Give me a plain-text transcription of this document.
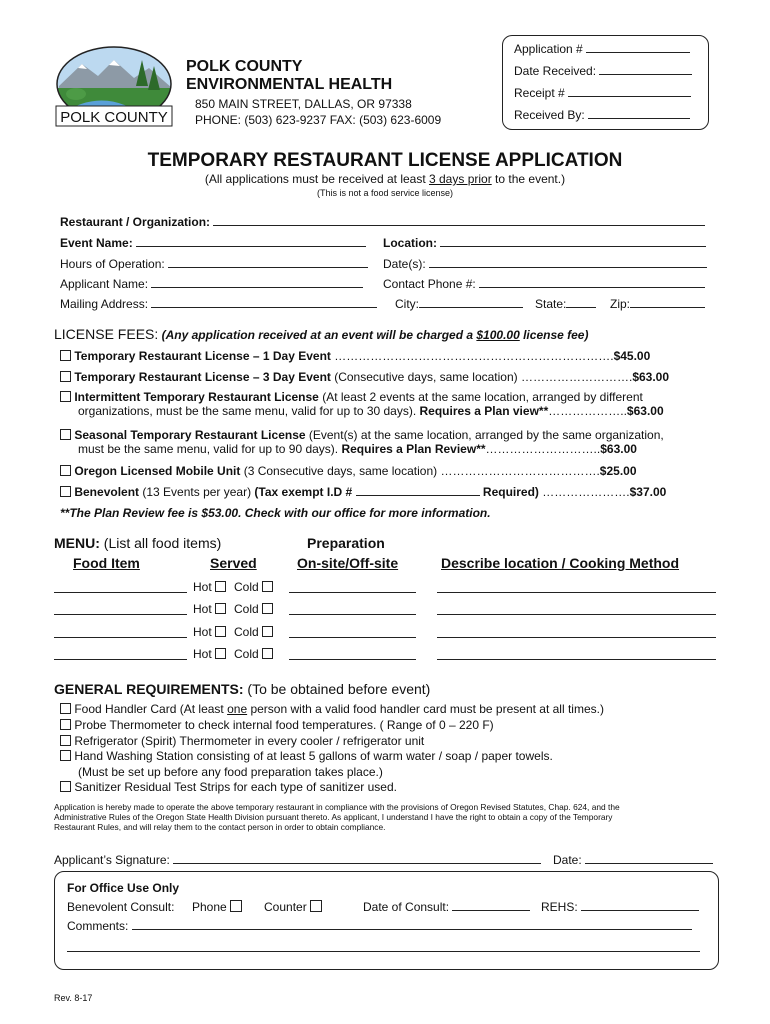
POLK COUNTY
POLK COUNTY
ENVIRONMENTAL HEALTH
850 MAIN STREET, DALLAS, OR 97338
PHONE: (503) 623-9237 FAX: (503) 623-6009
Application #
Date Received:
Receipt #
Received By:
TEMPORARY RESTAURANT LICENSE APPLICATION
(All applications must be received at least 3 days prior to the event.)
(This is not a food service license)
Restaurant / Organization:
Event Name:	Location:
Hours of Operation:	Date(s):
Applicant Name:	Contact Phone #:
Mailing Address:	City:	State:	Zip:
LICENSE FEES: (Any application received at an event will be charged a $100.00 license fee)
Temporary Restaurant License – 1 Day Event …………………………………………………………….$45.00
Temporary Restaurant License – 3 Day Event (Consecutive days, same location) ……………………….$63.00
Intermittent Temporary Restaurant License (At least 2 events at the same location, arranged by different
organizations, must be the same menu, valid for up to 30 days). Requires a Plan view**………………..$63.00
Seasonal Temporary Restaurant License (Event(s) at the same location, arranged by the same organization,
must be the same menu, valid for up to 90 days). Requires a Plan Review**………………………..$63.00
Oregon Licensed Mobile Unit (3 Consecutive days, same location) ………………………………….$25.00
Benevolent (13 Events per year) (Tax exempt I.D #	Required) ………………….$37.00
**The Plan Review fee is $53.00. Check with our office for more information.
MENU: (List all food items)	Preparation
Food Item	Served	On-site/Off-site	Describe location / Cooking Method
Hot	Cold
Hot	Cold
Hot	Cold
Hot	Cold
GENERAL REQUIREMENTS: (To be obtained before event)
Food Handler Card (At least one person with a valid food handler card must be present at all times.)
Probe Thermometer to check internal food temperatures. ( Range of 0 – 220 F)
Refrigerator (Spirit) Thermometer in every cooler / refrigerator unit
Hand Washing Station consisting of at least 5 gallons of warm water / soap / paper towels.
(Must be set up before any food preparation takes place.)
Sanitizer Residual Test Strips for each type of sanitizer used.
Application is hereby made to operate the above temporary restaurant in compliance with the provisions of Oregon Revised Statutes, Chap. 624, and the
Administrative Rules of the Oregon State Health Division pursuant thereto. As applicant, I understand I have the right to obtain a copy of the Temporary
Restaurant Rules, and will relay them to the contact person in order to obtain compliance.
Applicant’s Signature:	Date:
For Office Use Only
Benevolent Consult: Phone	Counter	Date of Consult:	REHS:
Comments:
Rev. 8-17
